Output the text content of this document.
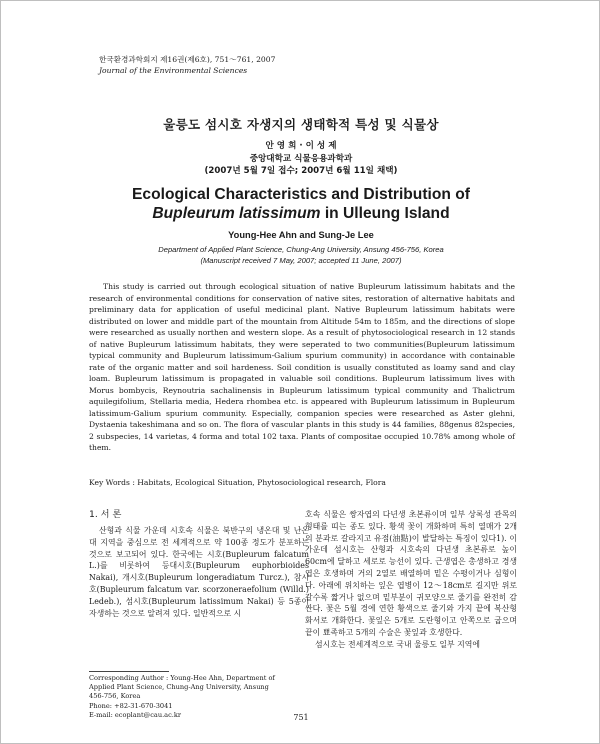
한국환경과학회지 제16권(제6호), 751～761, 2007
Journal of the Environmental Sciences
울릉도 섬시호 자생지의 생태학적 특성 및 식물상
안 영 희 · 이 성 제
중앙대학교 식물응용과학과
(2007년 5월 7일 접수; 2007년 6월 11일 채택)
Ecological Characteristics and Distribution of
Bupleurum latissimum in Ulleung Island
Young-Hee Ahn and Sung-Je Lee
Department of Applied Plant Science, Chung-Ang University, Ansung 456-756, Korea
(Manuscript received 7 May, 2007; accepted 11 June, 2007)

This study is carried out through ecological situation of native Bupleurum latissimum habitats and the research of environmental conditions for conservation of native sites, restoration of alternative habitats and preliminary data for application of useful medicinal plant. Native Bupleurum latissimum habitats were distributed on lower and middle part of the mountain from Altitude 54m to 185m, and the directions of slope were researched as usually northen and western slope. As a result of phytosociological research in 12 stands of native Bupleurum latissimum habitats, they were seperated to two communities(Bupleurum latissimum typical community and Bupleurum latissimum-Galium spurium community) in accordance with containable rate of the organic matter and soil hardeness. Soil condition is usually constituted as loamy sand and clay loam. Bupleurum latissimum is propagated in valuable soil conditions. Bupleurum latissimum lives with Morus bombycis, Reynoutria sachalinensis in Bupleurum latissimum typical community and Thalictrum aquilegifolium, Stellaria media, Hedera rhombea etc. is appeared with Bupleurum latissimum in Bupleurum latissimum-Galium spurium community. Especially, companion species were researched as Aster glehni, Dystaenia takeshimana and so on. The flora of vascular plants in this study is 44 families, 88genus 82species, 2 subspecies, 14 varietas, 4 forma and total 102 taxa. Plants of compositae occupied 10.78% among whole of them.

Key Words : Habitats, Ecological Situation, Phytosociological research, Flora

1. 서 론

산형과 식물 가운데 시호속 식물은 북반구의 냉온대 및 난온대 지역을 중심으로 전 세계적으로 약 100종 정도가 분포하는 것으로 보고되어 있다. 한국에는 시호(Bupleurum falcatum L.)를 비롯하여 등대시호(Bupleurum euphorbioides Nakai), 개시호(Bupleurum longeradiatum Turcz.), 참시호(Bupleurum falcatum var. scorzoneraefolium (Willd.) Ledeb.), 섬시호(Bupleurum latissimum Nakai) 등 5종이 자생하는 것으로 알려져 있다. 일반적으로 시

호속 식물은 쌍자엽의 다년생 초본류이며 일부 상록성 관목의 형태를 띠는 종도 있다. 황색 꽃이 개화하며 특히 열매가 2개의 분과로 갈라지고 유점(油點)이 발달하는 특징이 있다1). 이 가운데 섬시호는 산형과 시호속의 다년생 초본류로 높이 60cm에 달하고 세로로 능선이 있다. 근생엽은 총생하고 경생엽은 호생하며 거의 2열로 배열하며 밑은 수평이거나 심형이다. 아래에 위치하는 잎은 엽병이 12～18cm로 길지만 위로 갈수록 짧거나 없으며 밑부분이 귀모양으로 줄기를 완전히 감싼다. 꽃은 5월 경에 연한 황색으로 줄기와 가지 끝에 복산형화서로 개화한다. 꽃잎은 5개로 도란형이고 안쪽으로 굽으며 끝이 뾰족하고 5개의 수술은 꽃잎과 호생한다.

섬시호는 전세계적으로 국내 울릉도 일부 지역에

Corresponding Author : Young-Hee Ahn, Department of
Applied Plant Science, Chung-Ang University, Ansung
456-756, Korea
Phone: +82-31-670-3041
E-mail: ecoplant@cau.ac.kr	751
